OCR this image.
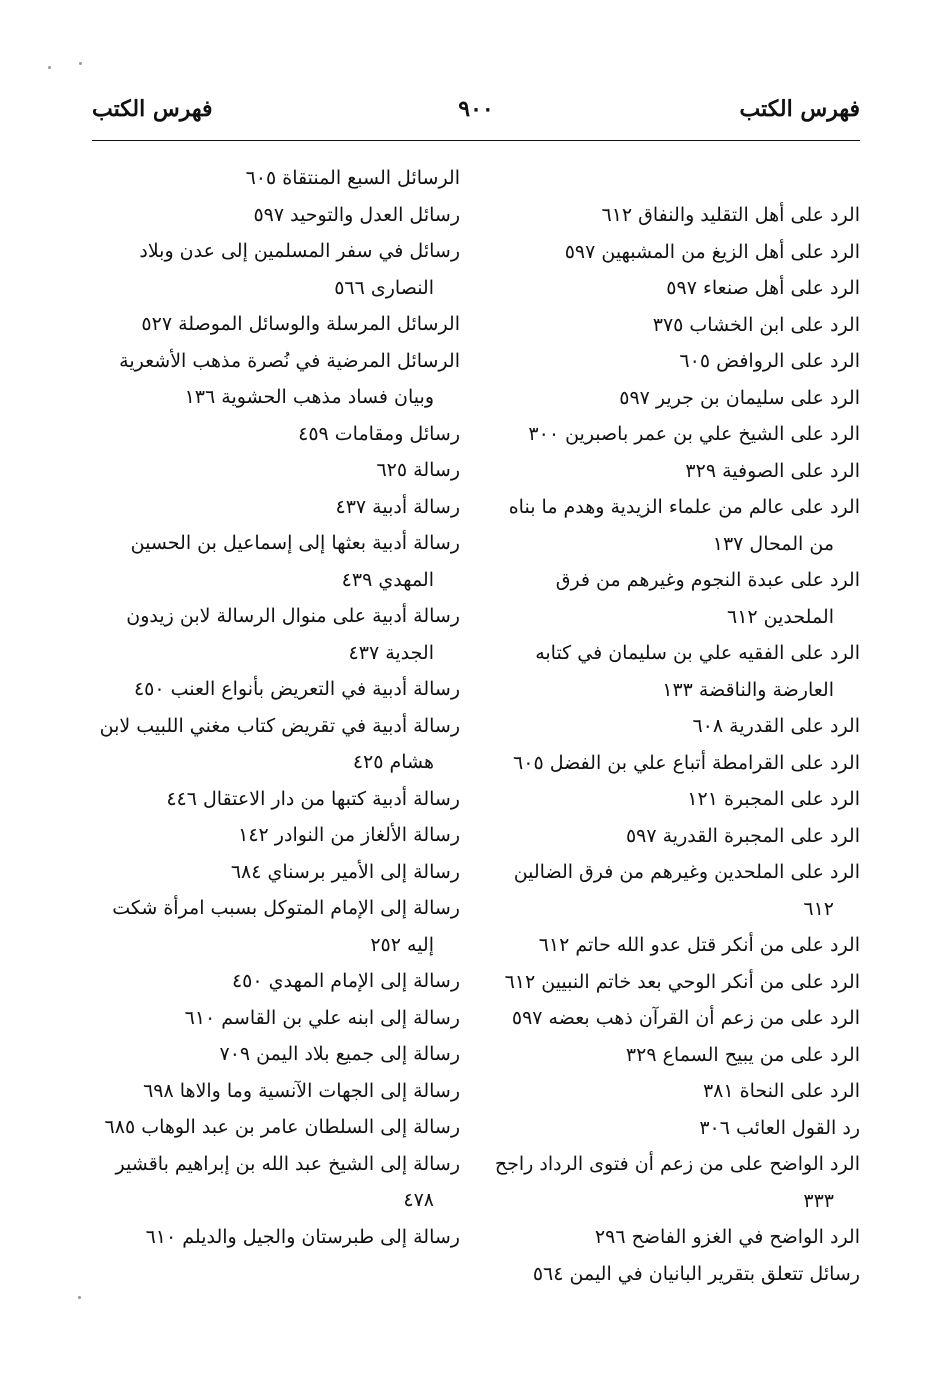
فهرس الكتب
٩٠٠
فهرس الكتب

الرد على أهل التقليد والنفاق ٦١٢

الرد على أهل الزيغ من المشبهين ٥٩٧

الرد على أهل صنعاء ٥٩٧

الرد على ابن الخشاب ٣٧٥

الرد على الروافض ٦٠٥

الرد على سليمان بن جرير ٥٩٧

الرد على الشيخ علي بن عمر باصبرين ٣٠٠

الرد على الصوفية ٣٢٩

الرد على عالم من علماء الزيدية وهدم ما بناه من المحال ١٣٧

الرد على عبدة النجوم وغيرهم من فرق الملحدين ٦١٢

الرد على الفقيه علي بن سليمان في كتابه العارضة والناقضة ١٣٣

الرد على القدرية ٦٠٨

الرد على القرامطة أتباع علي بن الفضل ٦٠٥

الرد على المجبرة ١٢١

الرد على المجبرة القدرية ٥٩٧

الرد على الملحدين وغيرهم من فرق الضالين ٦١٢

الرد على من أنكر قتل عدو الله حاتم ٦١٢

الرد على من أنكر الوحي بعد خاتم النبيين ٦١٢

الرد على من زعم أن القرآن ذهب بعضه ٥٩٧

الرد على من يبيح السماع ٣٢٩

الرد على النحاة ٣٨١

رد القول العائب ٣٠٦

الرد الواضح على من زعم أن فتوى الرداد راجح ٣٣٣

الرد الواضح في الغزو الفاضح ٢٩٦

رسائل تتعلق بتقرير البانيان في اليمن ٥٦٤

الرسائل السبع المنتقاة ٦٠٥

رسائل العدل والتوحيد ٥٩٧

رسائل في سفر المسلمين إلى عدن وبلاد النصارى ٥٦٦

الرسائل المرسلة والوسائل الموصلة ٥٢٧

الرسائل المرضية في نُصرة مذهب الأشعرية وبيان فساد مذهب الحشوية ١٣٦

رسائل ومقامات ٤٥٩

رسالة ٦٢٥

رسالة أدبية ٤٣٧

رسالة أدبية بعثها إلى إسماعيل بن الحسين المهدي ٤٣٩

رسالة أدبية على منوال الرسالة لابن زيدون الجدية ٤٣٧

رسالة أدبية في التعريض بأنواع العنب ٤٥٠

رسالة أدبية في تقريض كتاب مغني اللبيب لابن هشام ٤٢٥

رسالة أدبية كتبها من دار الاعتقال ٤٤٦

رسالة الألغاز من النوادر ١٤٢

رسالة إلى الأمير برسناي ٦٨٤

رسالة إلى الإمام المتوكل بسبب امرأة شكت إليه ٢٥٢

رسالة إلى الإمام المهدي ٤٥٠

رسالة إلى ابنه علي بن القاسم ٦١٠

رسالة إلى جميع بلاد اليمن ٧٠٩

رسالة إلى الجهات الآنسية وما والاها ٦٩٨

رسالة إلى السلطان عامر بن عبد الوهاب ٦٨٥

رسالة إلى الشيخ عبد الله بن إبراهيم باقشير ٤٧٨

رسالة إلى طبرستان والجيل والديلم ٦١٠
